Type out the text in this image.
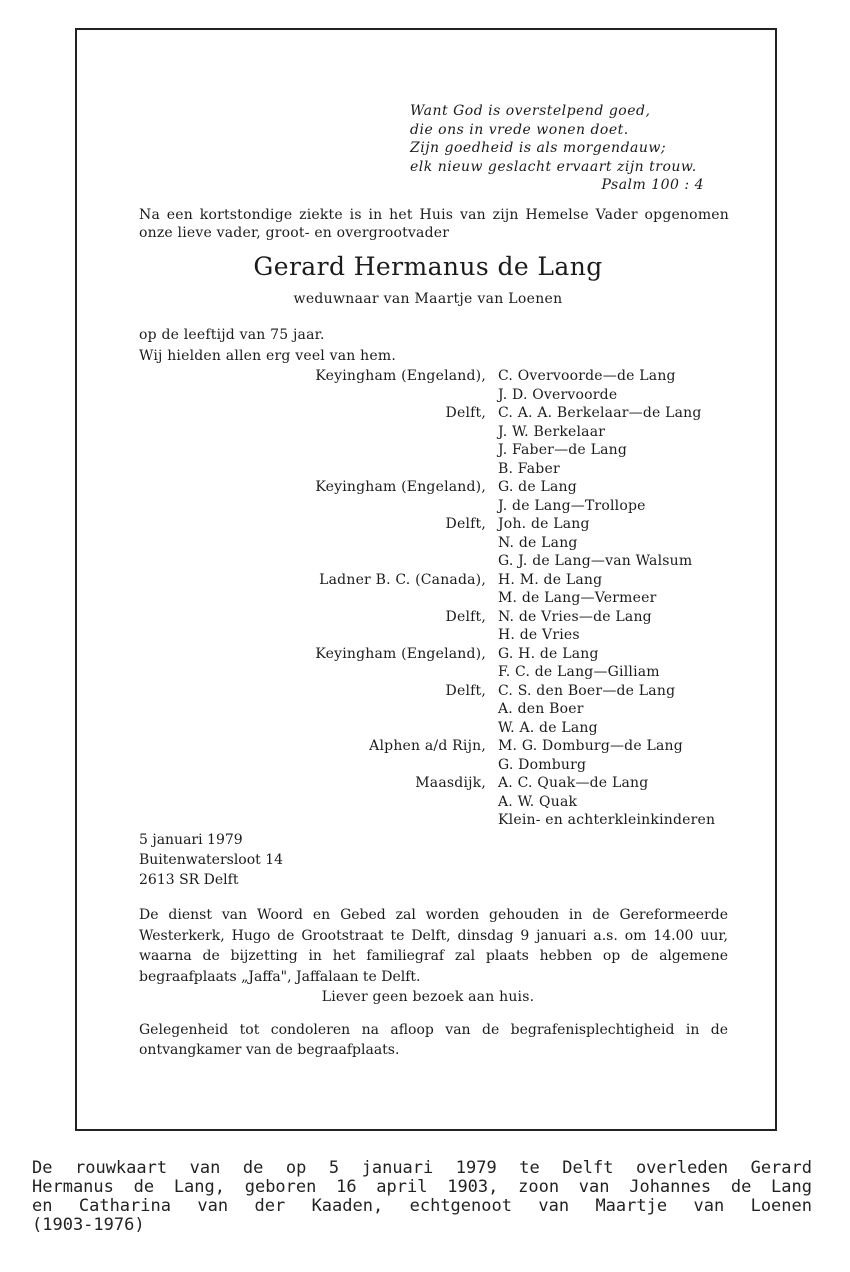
Want God is overstelpend goed,
die ons in vrede wonen doet.
Zijn goedheid is als morgendauw;
elk nieuw geslacht ervaart zijn trouw.
Psalm 100 : 4
Na een kortstondige ziekte is in het Huis van zijn Hemelse Vader opgenomen onze lieve vader, groot- en overgrootvader
Gerard Hermanus de Lang
weduwnaar van Maartje van Loenen
op de leeftijd van 75 jaar.
Wij hielden allen erg veel van hem.
Keyingham (Engeland), C. Overvoorde—de Lang
J. D. Overvoorde
Delft, C. A. A. Berkelaar—de Lang
J. W. Berkelaar
J. Faber—de Lang
B. Faber
Keyingham (Engeland), G. de Lang
J. de Lang—Trollope
Delft, Joh. de Lang
N. de Lang
G. J. de Lang—van Walsum
Ladner B. C. (Canada), H. M. de Lang
M. de Lang—Vermeer
Delft, N. de Vries—de Lang
H. de Vries
Keyingham (Engeland), G. H. de Lang
F. C. de Lang—Gilliam
Delft, C. S. den Boer—de Lang
A. den Boer
W. A. de Lang
Alphen a/d Rijn, M. G. Domburg—de Lang
G. Domburg
Maasdijk, A. C. Quak—de Lang
A. W. Quak
Klein- en achterkleinkinderen
5 januari 1979
Buitenwatersloot 14
2613 SR Delft
De dienst van Woord en Gebed zal worden gehouden in de Gereformeerde Westerkerk, Hugo de Grootstraat te Delft, dinsdag 9 januari a.s. om 14.00 uur, waarna de bijzetting in het familiegraf zal plaats hebben op de algemene begraafplaats „Jaffa", Jaffalaan te Delft.
Liever geen bezoek aan huis.
Gelegenheid tot condoleren na afloop van de begrafenisplechtigheid in de ontvangkamer van de begraafplaats.
De rouwkaart van de op 5 januari 1979 te Delft overleden Gerard
Hermanus de Lang, geboren 16 april 1903, zoon van Johannes de Lang
en Catharina van der Kaaden, echtgenoot van Maartje van Loenen
(1903-1976)
